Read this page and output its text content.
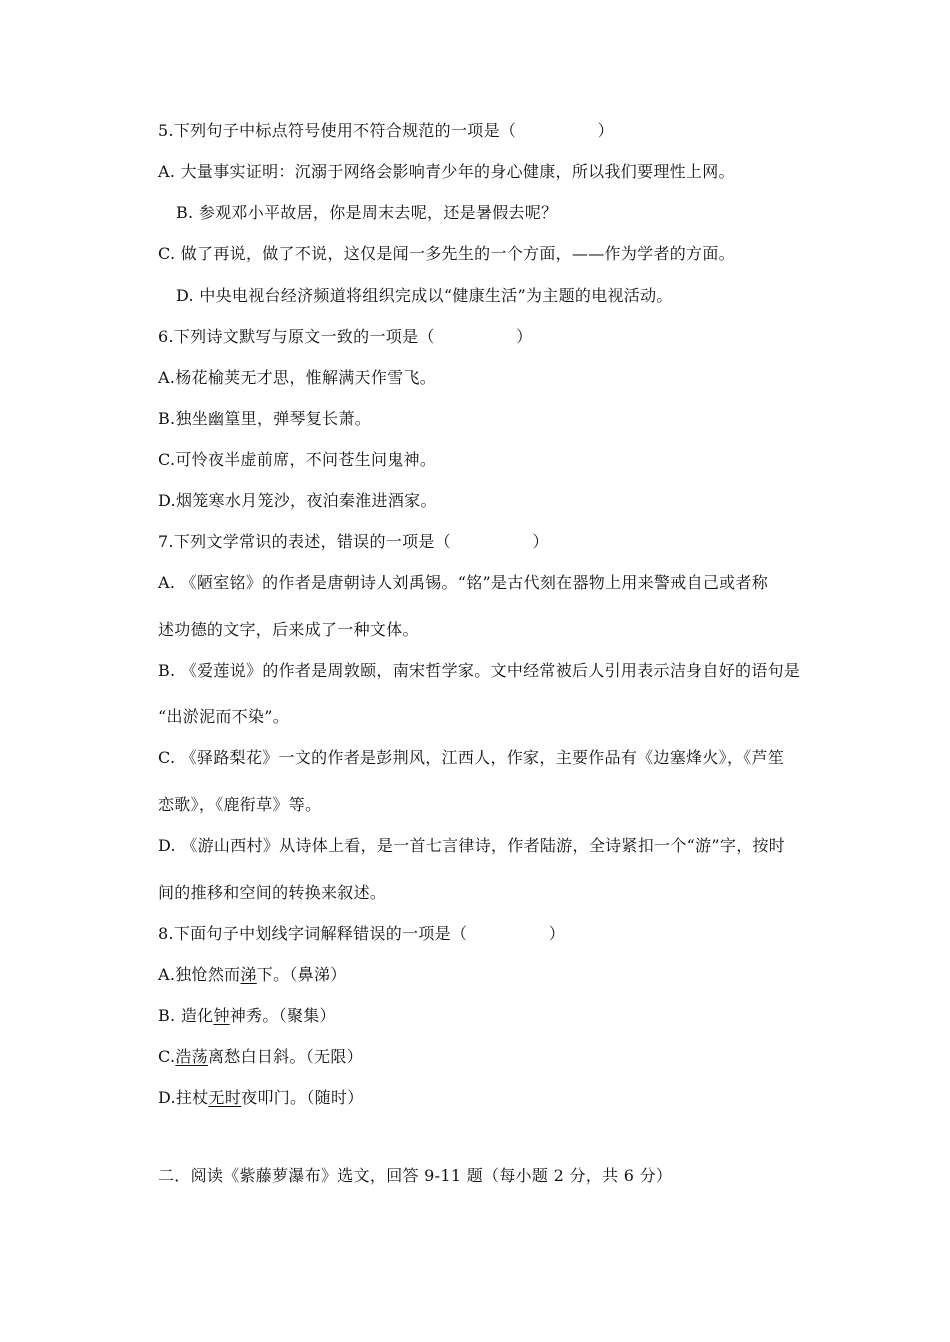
5.下列句子中标点符号使用不符合规范的一项是（　　　　　）
A. 大量事实证明：沉溺于网络会影响青少年的身心健康，所以我们要理性上网。
B. 参观邓小平故居，你是周末去呢，还是暑假去呢？
C. 做了再说，做了不说，这仅是闻一多先生的一个方面，——作为学者的方面。
D. 中央电视台经济频道将组织完成以“健康生活”为主题的电视活动。
6.下列诗文默写与原文一致的一项是（　　　　　）
A.杨花榆荚无才思，惟解满天作雪飞。
B.独坐幽篁里，弹琴复长萧。
C.可怜夜半虚前席，不问苍生问鬼神。
D.烟笼寒水月笼沙，夜泊秦淮进酒家。
7.下列文学常识的表述，错误的一项是（　　　　　）
A. 《陋室铭》的作者是唐朝诗人刘禹锡。“铭”是古代刻在器物上用来警戒自己或者称
述功德的文字，后来成了一种文体。
B. 《爱莲说》的作者是周敦颐，南宋哲学家。文中经常被后人引用表示洁身自好的语句是
“出淤泥而不染”。
C. 《驿路梨花》一文的作者是彭荆风，江西人，作家，主要作品有《边塞烽火》，《芦笙
恋歌》，《鹿衔草》等。
D. 《游山西村》从诗体上看，是一首七言律诗，作者陆游，全诗紧扣一个“游”字，按时
间的推移和空间的转换来叙述。
8.下面句子中划线字词解释错误的一项是（　　　　　）
A.独怆然而涕下。（鼻涕）
B. 造化钟神秀。（聚集）
C.浩荡离愁白日斜。（无限）
D.拄杖无时夜叩门。（随时）
二．阅读《紫藤萝瀑布》选文，回答 9-11 题（每小题 2 分，共 6 分）
